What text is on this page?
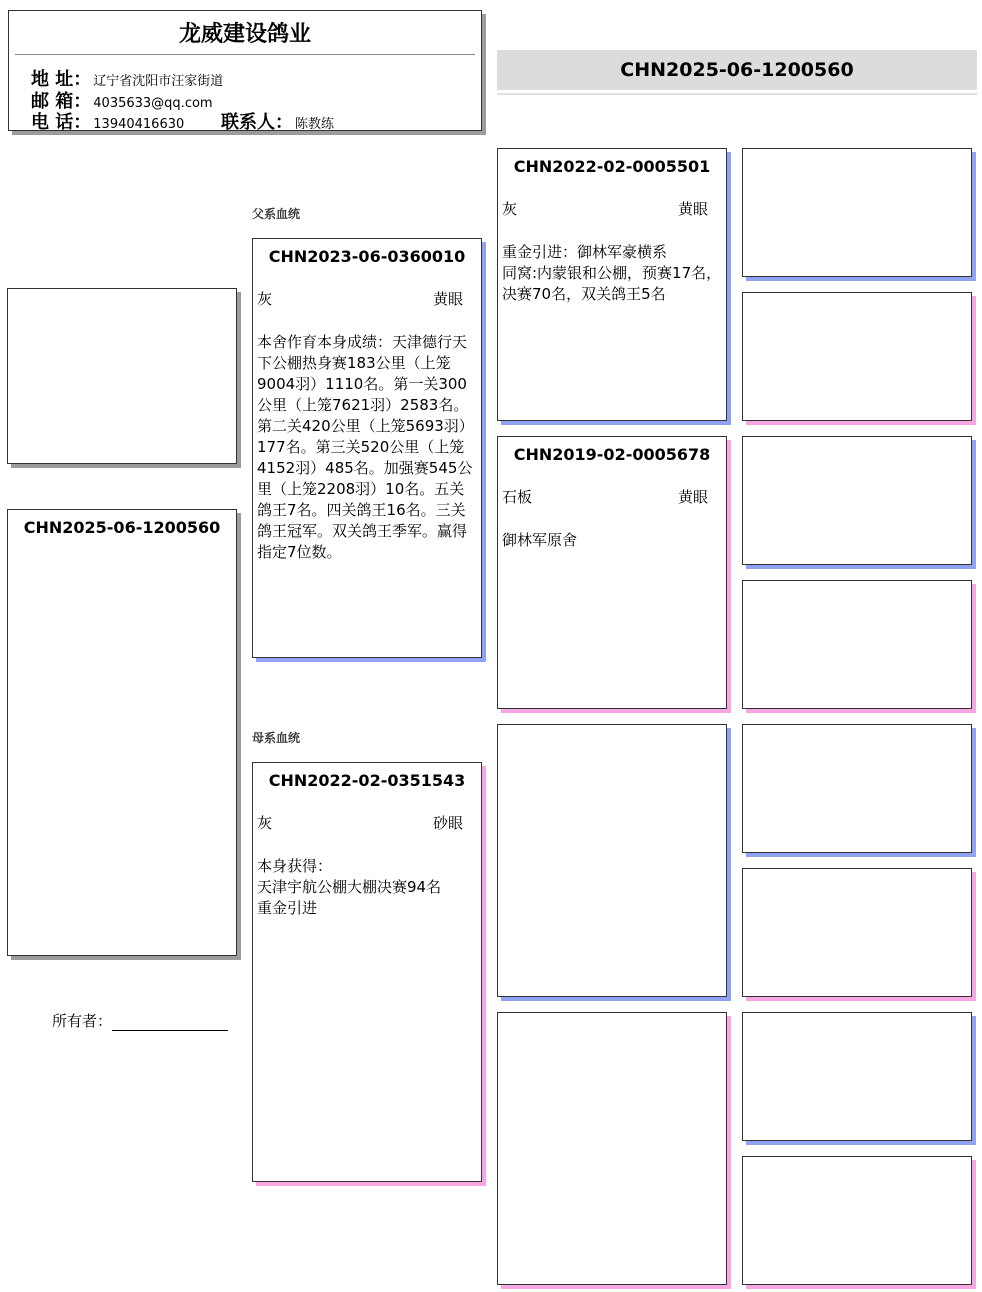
龙威建设鸽业
地 址： 辽宁省沈阳市汪家街道
邮 箱： 4035633@qq.com
电 话： 13940416630 联系人： 陈教练
CHN2025-06-1200560
CHN2025-06-1200560
所有者：
父系血统
母系血统
CHN2023-06-0360010
灰	黄眼
本舍作育本身成绩：天津德行天下公棚热身赛183公里（上笼9004羽）1110名。第一关300公里（上笼7621羽）2583名。第二关420公里（上笼5693羽）177名。第三关520公里（上笼4152羽）485名。加强赛545公里（上笼2208羽）10名。五关鸽王7名。四关鸽王16名。三关鸽王冠军。双关鸽王季军。赢得指定7位数。
CHN2022-02-0351543
灰	砂眼
本身获得：
天津宇航公棚大棚决赛94名
重金引进
CHN2022-02-0005501
灰	黄眼
重金引进：御林军豪横系
同窝:内蒙银和公棚，预赛17名，决赛70名，双关鸽王5名
CHN2019-02-0005678
石板	黄眼
御林军原舍
